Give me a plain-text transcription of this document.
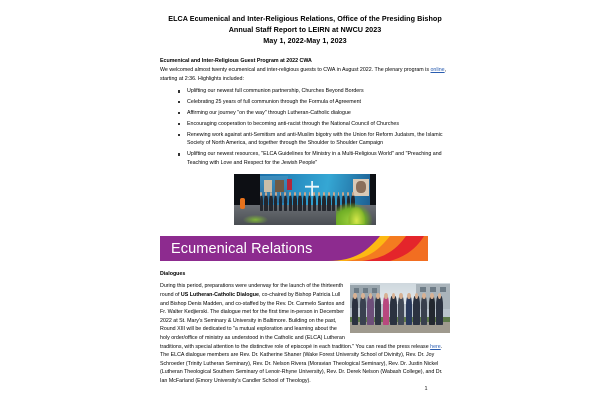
ELCA Ecumenical and Inter-Religious Relations, Office of the Presiding Bishop
Annual Staff Report to LEIRN at NWCU 2023
May 1, 2022-May 1, 2023
Ecumenical and Inter-Religious Guest Program at 2022 CWA

We welcomed almost twenty ecumenical and inter-religious guests to CWA in August 2022. The plenary program is online, starting at 2:36. Highlights included:

Uplifting our newest full communion partnership, Churches Beyond Borders
Celebrating 25 years of full communion through the Formula of Agreement
Affirming our journey "on the way" through Lutheran-Catholic dialogue
Encouraging cooperation to becoming anti-racist through the National Council of Churches
Renewing work against anti-Semitism and anti-Muslim bigotry with the Union for Reform Judaism, the Islamic Society of North America, and together through the Shoulder to Shoulder Campaign
Uplifting our newest resources, "ELCA Guidelines for Ministry in a Multi-Religious World" and "Preaching and Teaching with Love and Respect for the Jewish People"
Ecumenical Relations
Dialogues
During this period, preparations were underway for the launch of the thirteenth round of US Lutheran-Catholic Dialogue, co-chaired by Bishop Patricia Lull and Bishop Denis Madden, and co-staffed by the Rev. Dr. Carmelo Santos and Fr. Walter Kedjierski. The dialogue met for the first time in-person in December 2022 at St. Mary's Seminary & University in Baltimore. Building on the past, Round XIII will be dedicated to "a mutual exploration and learning about the holy order/office of ministry as understood in the Catholic and (ELCA) Lutheran traditions, with special attention to the distinctive role of episcopé in each tradition." You can read the press release here. The ELCA dialogue members are Rev. Dr. Katherine Shaner (Wake Forest University School of Divinity), Rev. Dr. Joy Schroeder (Trinity Lutheran Seminary), Rev. Dr. Nelson Rivera (Moravian Theological Seminary), Rev. Dr. Justin Nickel (Lutheran Theological Southern Seminary of Lenoir-Rhyne University), Rev. Dr. Derek Nelson (Wabash College), and Dr. Ian McFarland (Emory University's Candler School of Theology).
1
